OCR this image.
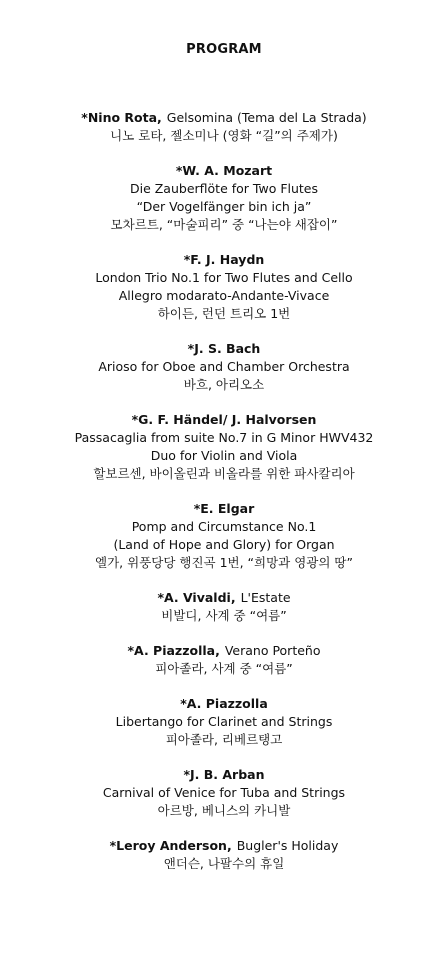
PROGRAM
*Nino Rota, Gelsomina (Tema del La Strada)
니노 로타, 젤소미나 (영화 “길”의 주제가)
*W. A. Mozart
Die Zauberflöte for Two Flutes
“Der Vogelfänger bin ich ja”
모차르트, “마술피리” 중 “나는야 새잡이”
*F. J. Haydn
London Trio No.1 for Two Flutes and Cello
Allegro modarato-Andante-Vivace
하이든, 런던 트리오 1번
*J. S. Bach
Arioso for Oboe and Chamber Orchestra
바흐, 아리오소
*G. F. Händel/ J. Halvorsen
Passacaglia from suite No.7 in G Minor HWV432
Duo for Violin and Viola
할보르센, 바이올린과 비올라를 위한 파사칼리아
*E. Elgar
Pomp and Circumstance No.1
(Land of Hope and Glory) for Organ
엘가, 위풍당당 행진곡 1번, “희망과 영광의 땅”
*A. Vivaldi, L'Estate
비발디, 사계 중 “여름”
*A. Piazzolla, Verano Porteño
피아졸라, 사계 중 “여름”
*A. Piazzolla
Libertango for Clarinet and Strings
피아졸라, 리베르탱고
*J. B. Arban
Carnival of Venice for Tuba and Strings
아르방, 베니스의 카니발
*Leroy Anderson, Bugler's Holiday
앤더슨, 나팔수의 휴일
